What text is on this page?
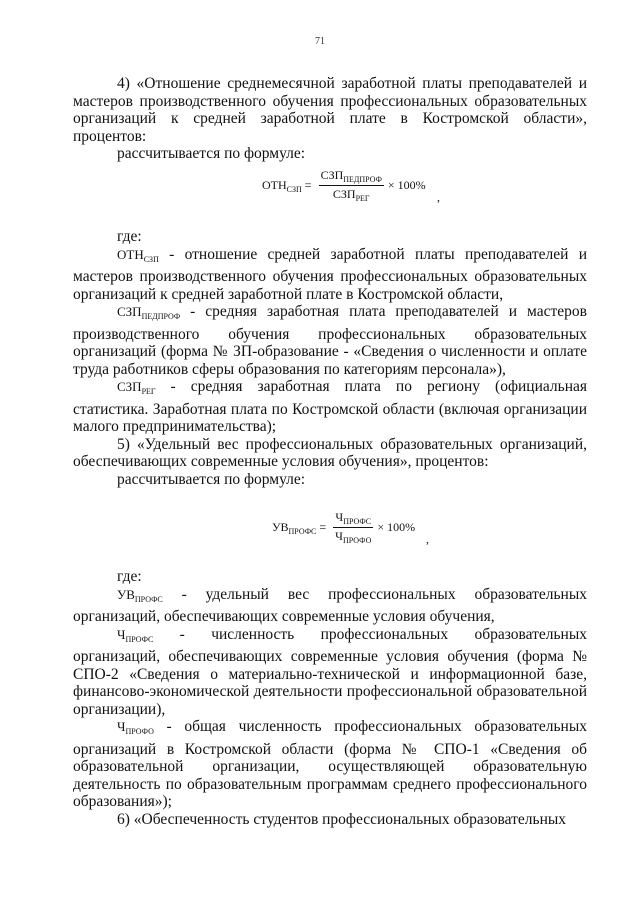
71

4) «Отношение среднемесячной заработной платы преподавателей и мастеров производственного обучения профессиональных образовательных организаций к средней заработной плате в Костромской области», процентов:

рассчитывается по формуле:

$ОТН_{СЗП} = \frac{СЗП_{ПЕДПРОФ}}{СЗП_{РЕГ}} \times 100\%$
,

где:

$ОТН_{СЗП}$ - отношение средней заработной платы преподавателей и мастеров производственного обучения профессиональных образовательных организаций к средней заработной плате в Костромской области,

$СЗП_{ПЕДПРОФ}$ - средняя заработная плата преподавателей и мастеров производственного обучения профессиональных образовательных организаций (форма № ЗП-образование - «Сведения о численности и оплате труда работников сферы образования по категориям персонала»),

$СЗП_{РЕГ}$ - средняя заработная плата по региону (официальная статистика. Заработная плата по Костромской области (включая организации малого предпринимательства);

5) «Удельный вес профессиональных образовательных организаций, обеспечивающих современные условия обучения», процентов:

рассчитывается по формуле:

$УВ_{ПРОФС} = \frac{Ч_{ПРОФС}}{Ч_{ПРОФО}} \times 100\%$
,

где:

$УВ_{ПРОФС}$ - удельный вес профессиональных образовательных организаций, обеспечивающих современные условия обучения,

$Ч_{ПРОФС}$ - численность профессиональных образовательных организаций, обеспечивающих современные условия обучения (форма № СПО-2 «Сведения о материально-технической и информационной базе, финансово-экономической деятельности профессиональной образовательной организации),

$Ч_{ПРОФО}$ - общая численность профессиональных образовательных организаций в Костромской области (форма № СПО-1 «Сведения об образовательной организации, осуществляющей образовательную деятельность по образовательным программам среднего профессионального образования»);

6) «Обеспеченность студентов профессиональных образовательных
